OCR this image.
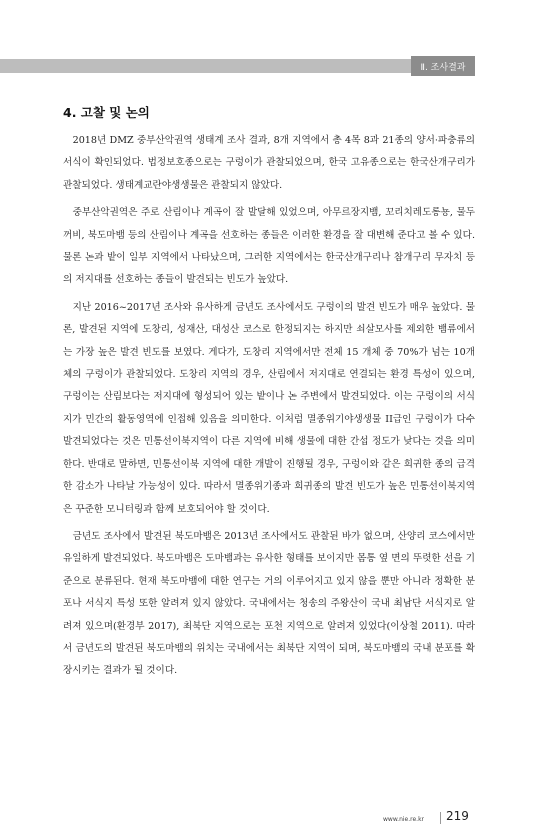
Ⅱ. 조사결과
4. 고찰 및 논의

2018년 DMZ 중부산악권역 생태계 조사 결과, 8개 지역에서 총 4목 8과 21종의 양서·파충류의 서식이 확인되었다. 법정보호종으로는 구렁이가 관찰되었으며, 한국 고유종으로는 한국산개구리가 관찰되었다. 생태계교란야생생물은 관찰되지 않았다.

중부산악권역은 주로 산림이나 계곡이 잘 발달해 있었으며, 아무르장지뱀, 꼬리치레도롱뇽, 물두꺼비, 북도마뱀 등의 산림이나 계곡을 선호하는 종들은 이러한 환경을 잘 대변해 준다고 볼 수 있다. 물론 논과 밭이 일부 지역에서 나타났으며, 그러한 지역에서는 한국산개구리나 참개구리 무자치 등의 저지대를 선호하는 종들이 발견되는 빈도가 높았다.

지난 2016~2017년 조사와 유사하게 금년도 조사에서도 구렁이의 발견 빈도가 매우 높았다. 물론, 발견된 지역에 도창리, 성재산, 대성산 코스로 한정되지는 하지만 쇠살모사를 제외한 뱀류에서는 가장 높은 발견 빈도를 보였다. 게다가, 도창리 지역에서만 전체 15 개체 중 70%가 넘는 10개체의 구렁이가 관찰되었다. 도창리 지역의 경우, 산림에서 저지대로 연결되는 환경 특성이 있으며, 구렁이는 산림보다는 저지대에 형성되어 있는 밭이나 논 주변에서 발견되었다. 이는 구렁이의 서식지가 민간의 활동영역에 인접해 있음을 의미한다. 이처럼 멸종위기야생생물 II급인 구렁이가 다수 발견되었다는 것은 민통선이북지역이 다른 지역에 비해 생물에 대한 간섭 정도가 낮다는 것을 의미한다. 반대로 말하면, 민통선이북 지역에 대한 개발이 진행될 경우, 구렁이와 같은 희귀한 종의 급격한 감소가 나타날 가능성이 있다. 따라서 멸종위기종과 희귀종의 발견 빈도가 높은 민통선이북지역은 꾸준한 모니터링과 함께 보호되어야 할 것이다.

금년도 조사에서 발견된 북도마뱀은 2013년 조사에서도 관찰된 바가 없으며, 산양리 코스에서만 유일하게 발견되었다. 북도마뱀은 도마뱀과는 유사한 형태를 보이지만 몸통 옆 면의 뚜렷한 선을 기준으로 분류된다. 현재 북도마뱀에 대한 연구는 거의 이루어지고 있지 않을 뿐만 아니라 정확한 분포나 서식지 특성 또한 알려져 있지 않았다. 국내에서는 청송의 주왕산이 국내 최남단 서식지로 알려져 있으며(환경부 2017), 최북단 지역으로는 포천 지역으로 알려져 있었다(이상철 2011). 따라서 금년도의 발견된 북도마뱀의 위치는 국내에서는 최북단 지역이 되며, 북도마뱀의 국내 분포를 확장시키는 결과가 될 것이다.

www.nie.re.kr 219
